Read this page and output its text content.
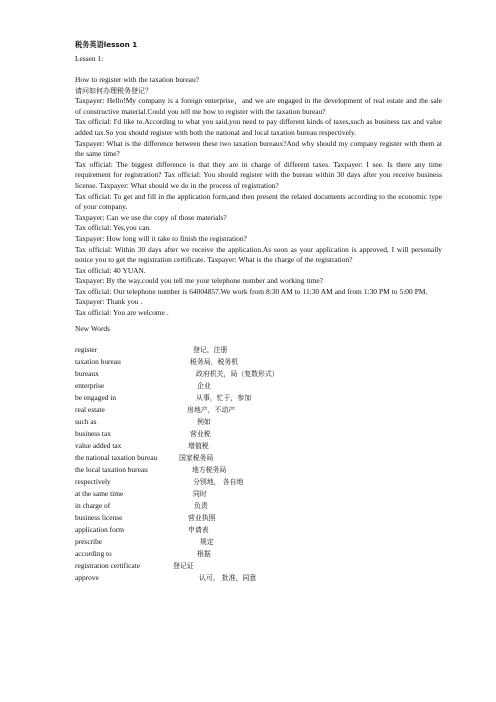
税务英语lesson 1
Lessen 1:

How to register with the taxation bureau?

请问如何办理税务登记？

Taxpayer: Hello!My company is a foreign enterprise，and we are engaged in the development of real estate and the sale of constructive material.Could you tell me how to register with the taxation bureau?

Tax official: I'd like to.According to what you said,you need to pay different kinds of taxes,such as business tax and value added tax.So you should register with both the national and local taxation bureau respectively.

Taxpayer: What is the difference between these two taxation bureaux?And why should my company register with them at the same time?

Tax official: The biggest difference is that they are in charge of different taxes. Taxpayer: I see. Is there any time requirement for registration? Tax official: You should register with the bureau within 30 days after you receive business license. Taxpayer: What should we do in the process of registration?

Tax official: To get and fill in the application form,and then present the related documents according to the economic type of your company.

Taxpayer: Can we use the copy of those materials?

Tax official: Yes,you can.

Taxpayer: How long will it take to finish the registration?

Tax official: Within 30 days after we receive the application.As soon as your application is approved, I will personally notice you to get the registration certificate. Taxpayer: What is the charge of the registration?

Tax official: 40 YUAN.

Taxpayer: By the way,could you tell me your telephone number and working time?

Tax official: Our telephone number is 64004857.We work from 8:30 AM to 11:30 AM and from 1:30 PM to 5:00 PM.

Taxpayer: Thank you .

Tax official: You are welcome .

New Words

register	登记，注册
taxation bureau	税务局，税务机
bureaux	政府机关，局（复数形式）
enterprise	企业
be engaged in	从事，忙于，参加
real estate	房地产，不动产
such as	例如
business tax	营业税
value added tax	增值税
the national taxation bureau	国家税务局
the local taxation bureau	地方税务局
respectively	分别地， 各自地
at the same time	同时
in charge of	负责
business license	营业执照
application form	申请表
prescribe	规定
according to	根据
registration certificate	登记证
approve	认可， 批准，同意
